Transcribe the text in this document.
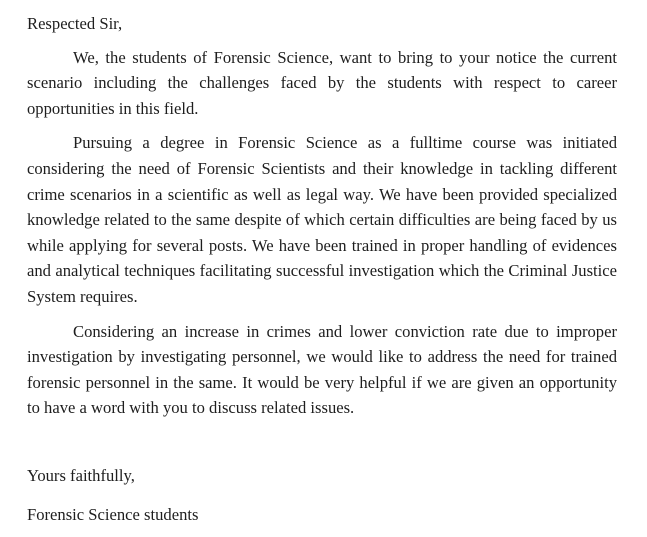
Respected Sir,

We, the students of Forensic Science, want to bring to your notice the current scenario including the challenges faced by the students with respect to career opportunities in this field.

Pursuing a degree in Forensic Science as a fulltime course was initiated considering the need of Forensic Scientists and their knowledge in tackling different crime scenarios in a scientific as well as legal way. We have been provided specialized knowledge related to the same despite of which certain difficulties are being faced by us while applying for several posts. We have been trained in proper handling of evidences and analytical techniques facilitating successful investigation which the Criminal Justice System requires.

Considering an increase in crimes and lower conviction rate due to improper investigation by investigating personnel, we would like to address the need for trained forensic personnel in the same. It would be very helpful if we are given an opportunity to have a word with you to discuss related issues.

Yours faithfully,

Forensic Science students
